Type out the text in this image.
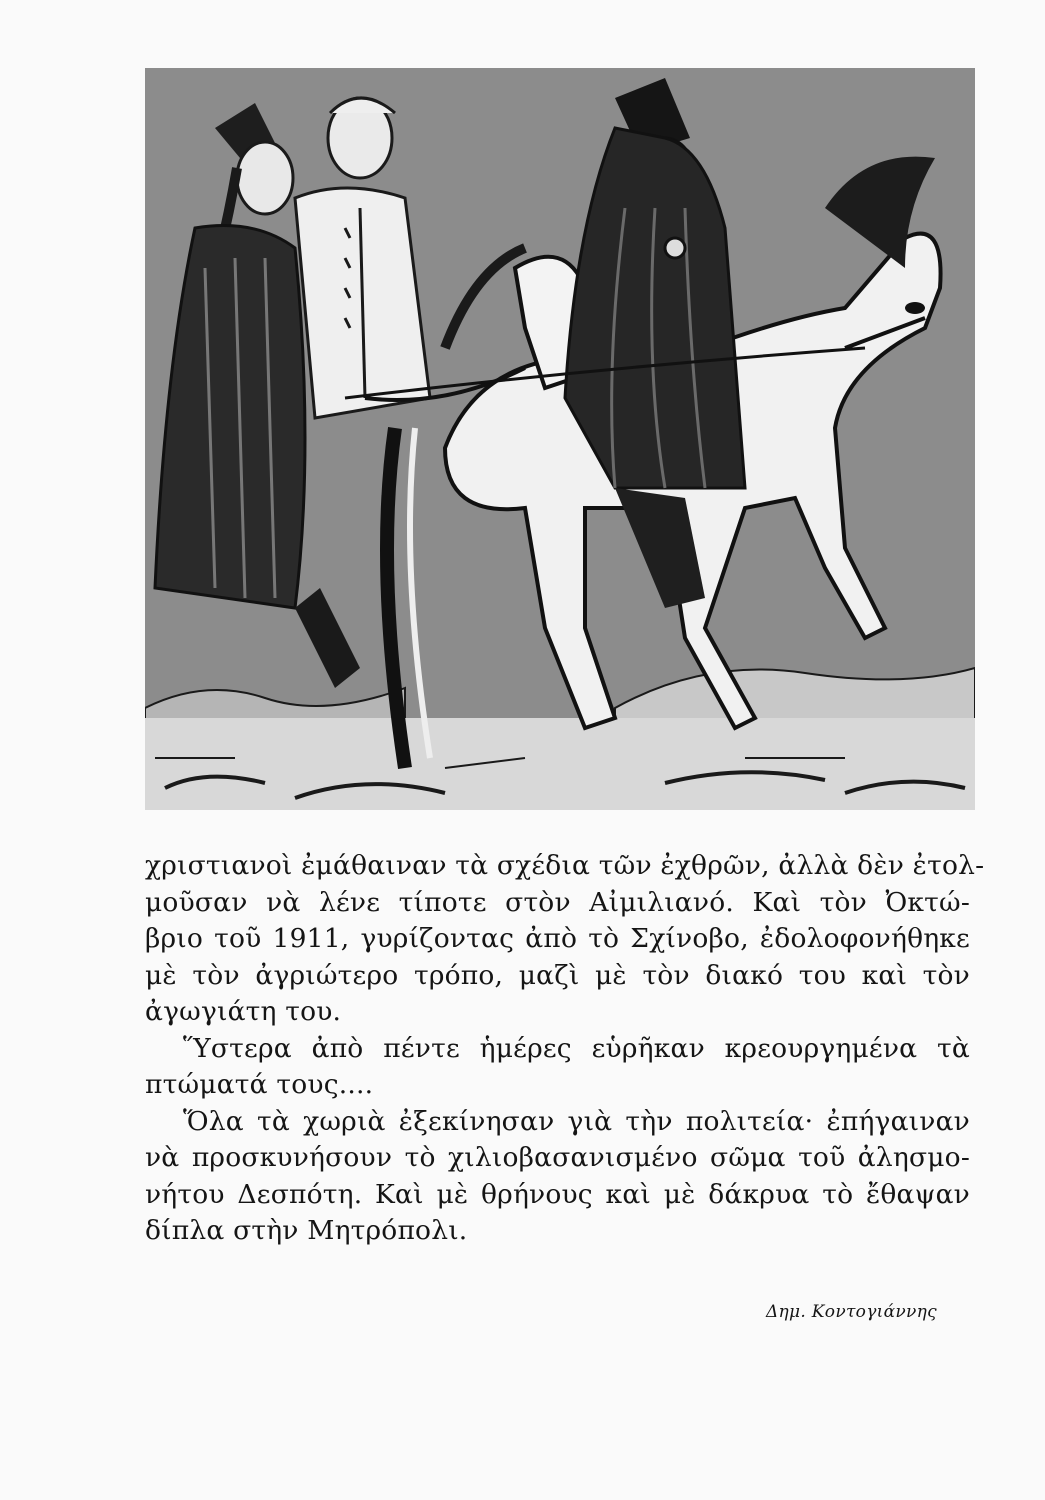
χριστιανοὶ ἐμάθαιναν τὰ σχέδια τῶν ἐχθρῶν, ἀλλὰ δὲν ἐτολ-
μοῦσαν νὰ λένε τίποτε στὸν Αἰμιλιανό. Καὶ τὸν Ὀκτώ-
βριο τοῦ 1911, γυρίζοντας ἀπὸ τὸ Σχίνοβο, ἐδολοφονήθηκε
μὲ τὸν ἀγριώτερο τρόπο, μαζὶ μὲ τὸν διακό του καὶ τὸν
ἀγωγιάτη του.
Ὕστερα ἀπὸ πέντε ἡμέρες εὑρῆκαν κρεουργημένα τὰ
πτώματά τους....
Ὅλα τὰ χωριὰ ἐξεκίνησαν γιὰ τὴν πολιτεία· ἐπήγαιναν
νὰ προσκυνήσουν τὸ χιλιοβασανισμένο σῶμα τοῦ ἀλησμο-
νήτου Δεσπότη. Καὶ μὲ θρήνους καὶ μὲ δάκρυα τὸ ἔθαψαν
δίπλα στὴν Μητρόπολι.
Δημ. Κοντογιάννης
